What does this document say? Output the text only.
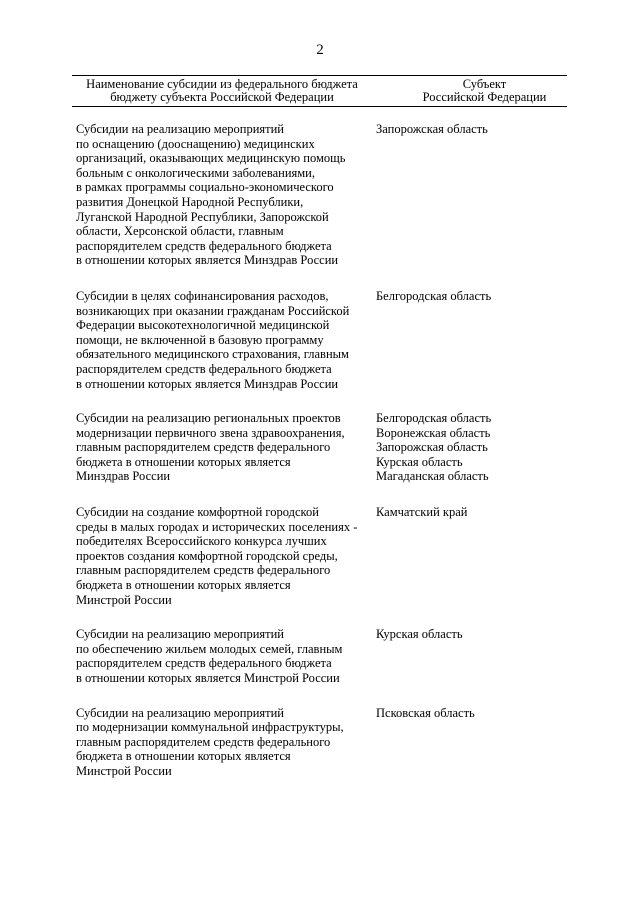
2
Наименование субсидии из федерального бюджета
бюджету субъекта Российской Федерации
Субъект
Российской Федерации
Субсидии на реализацию мероприятий
по оснащению (дооснащению) медицинских
организаций, оказывающих медицинскую помощь
больным с онкологическими заболеваниями,
в рамках программы социально-экономического
развития Донецкой Народной Республики,
Луганской Народной Республики, Запорожской
области, Херсонской области, главным
распорядителем средств федерального бюджета
в отношении которых является Минздрав России
Запорожская область
Субсидии в целях софинансирования расходов,
возникающих при оказании гражданам Российской
Федерации высокотехнологичной медицинской
помощи, не включенной в базовую программу
обязательного медицинского страхования, главным
распорядителем средств федерального бюджета
в отношении которых является Минздрав России
Белгородская область
Субсидии на реализацию региональных проектов
модернизации первичного звена здравоохранения,
главным распорядителем средств федерального
бюджета в отношении которых является
Минздрав России
Белгородская область
Воронежская область
Запорожская область
Курская область
Магаданская область
Субсидии на создание комфортной городской
среды в малых городах и исторических поселениях -
победителях Всероссийского конкурса лучших
проектов создания комфортной городской среды,
главным распорядителем средств федерального
бюджета в отношении которых является
Минстрой России
Камчатский край
Субсидии на реализацию мероприятий
по обеспечению жильем молодых семей, главным
распорядителем средств федерального бюджета
в отношении которых является Минстрой России
Курская область
Субсидии на реализацию мероприятий
по модернизации коммунальной инфраструктуры,
главным распорядителем средств федерального
бюджета в отношении которых является
Минстрой России
Псковская область
